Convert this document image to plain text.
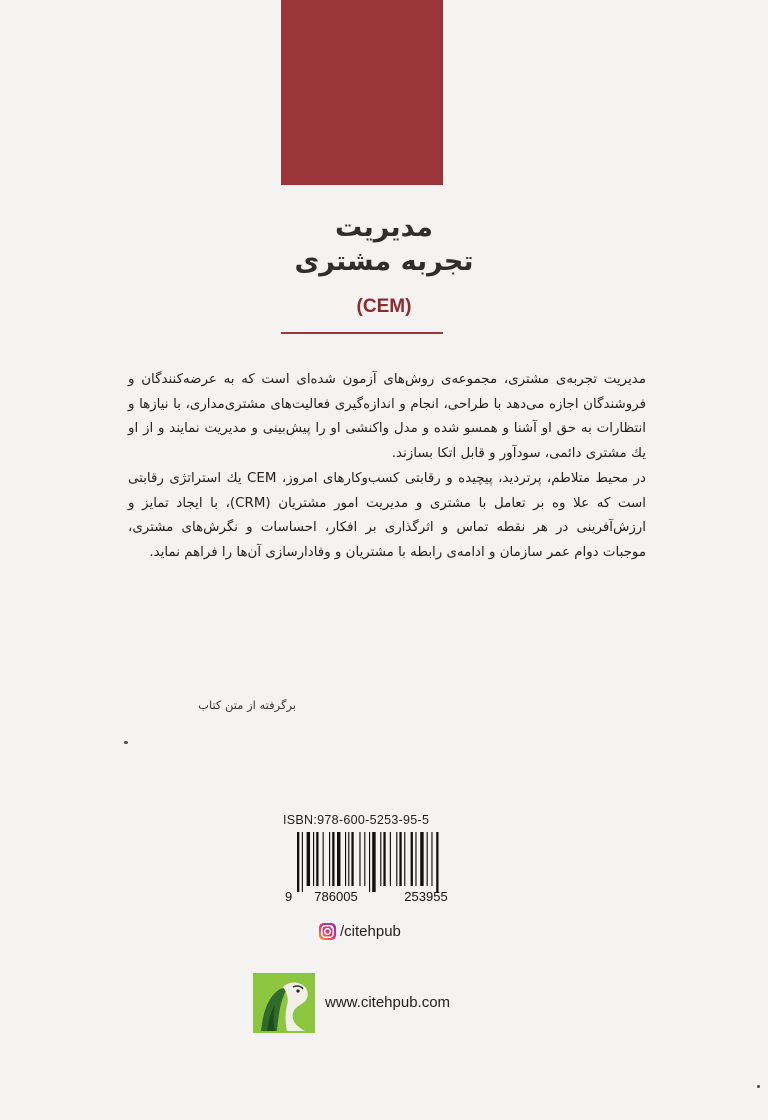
مدیریت
تجربه مشتری
(CEM)

مدیریت تجربه‌ی مشتری، مجموعه‌ی روش‌های آزمون شده‌ای است که به عرضه‌کنندگان و فروشندگان اجازه می‌دهد با طراحی، انجام و اندازه‌گیری فعالیت‌های مشتری‌مداری، با نیازها و انتظارات به حق او آشنا و همسو شده و مدل واکنشی او را پیش‌بینی و مدیریت نمایند و از او یك مشتری دائمی، سودآور و قابل اتکا بسازند.

در محیط متلاطم، پرتردید، پیچیده و رقابتی کسب‌وکارهای امروز، CEM یك استراتژی رقابتی است که علا وه بر تعامل با مشتری و مدیریت امور مشتریان (CRM)، با ایجاد تمایز و ارزش‌آفرینی در هر نقطه تماس و اثرگذاری بر افکار، احساسات و نگرش‌های مشتری، موجبات دوام عمر سازمان و ادامه‌ی رابطه با مشتریان و وفادارسازی آن‌ها را فراهم نماید.

برگرفته از متن کتاب
ISBN:978-600-5253-95-5
9 786005	253955
/citehpub
www.citehpub.com
